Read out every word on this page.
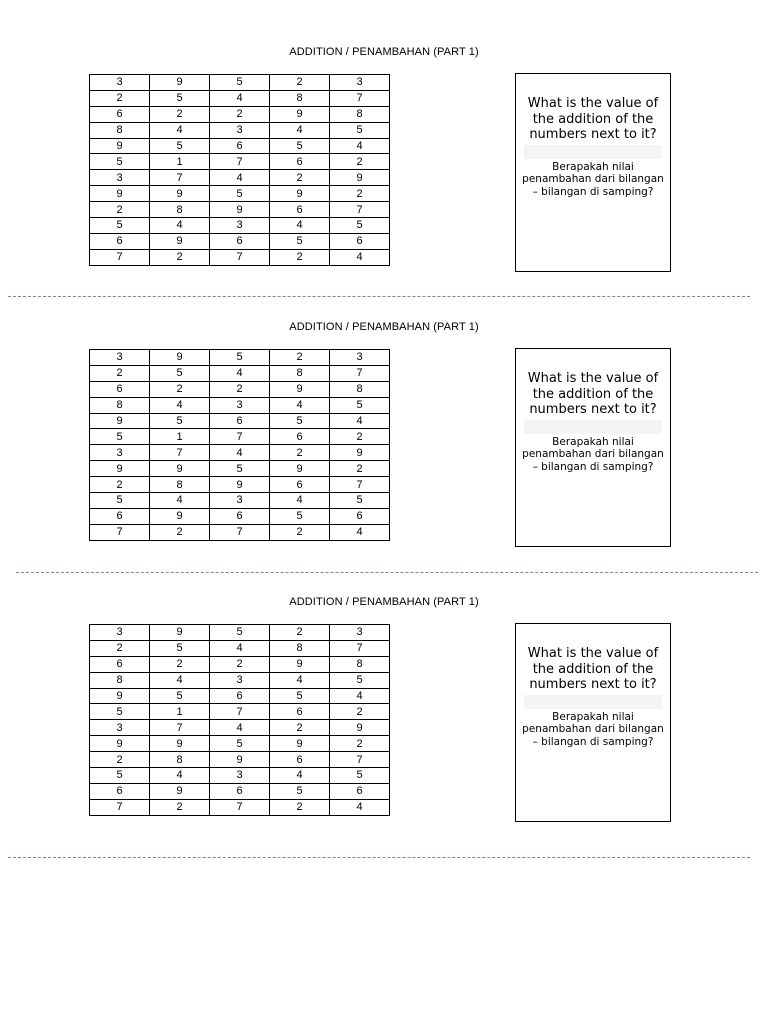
ADDITION / PENAMBAHAN (PART 1)
3	9	5	2	3
2	5	4	8	7
6	2	2	9	8
8	4	3	4	5
9	5	6	5	4
5	1	7	6	2
3	7	4	2	9
9	9	5	9	2
2	8	9	6	7
5	4	3	4	5
6	9	6	5	6
7	2	7	2	4
What is the value of the addition of the numbers next to it?
Berapakah nilai penambahan dari bilangan – bilangan di samping?
ADDITION / PENAMBAHAN (PART 1)
3	9	5	2	3
2	5	4	8	7
6	2	2	9	8
8	4	3	4	5
9	5	6	5	4
5	1	7	6	2
3	7	4	2	9
9	9	5	9	2
2	8	9	6	7
5	4	3	4	5
6	9	6	5	6
7	2	7	2	4
What is the value of the addition of the numbers next to it?
Berapakah nilai penambahan dari bilangan – bilangan di samping?
ADDITION / PENAMBAHAN (PART 1)
3	9	5	2	3
2	5	4	8	7
6	2	2	9	8
8	4	3	4	5
9	5	6	5	4
5	1	7	6	2
3	7	4	2	9
9	9	5	9	2
2	8	9	6	7
5	4	3	4	5
6	9	6	5	6
7	2	7	2	4
What is the value of the addition of the numbers next to it?
Berapakah nilai penambahan dari bilangan – bilangan di samping?
